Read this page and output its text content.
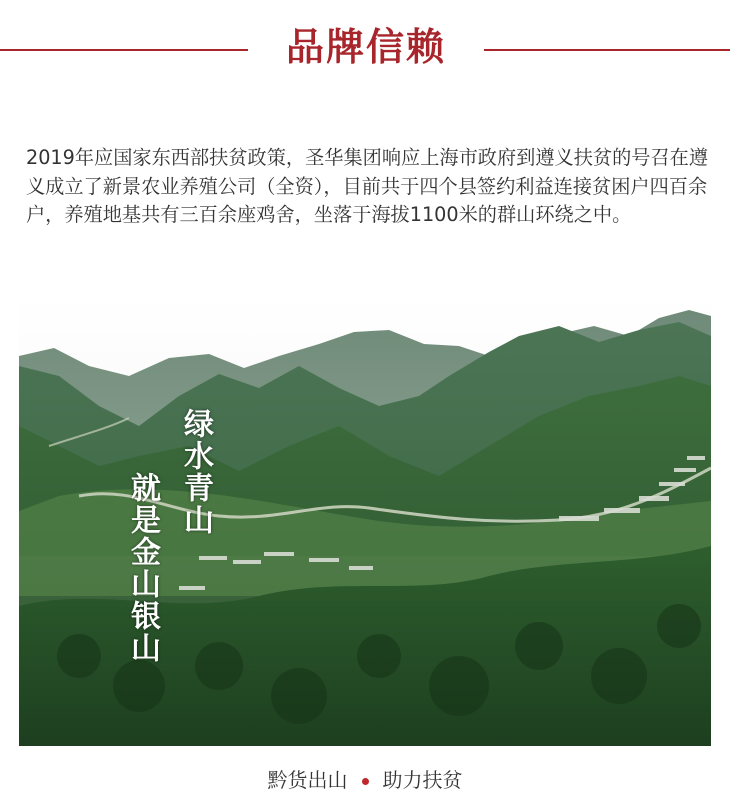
品牌信赖

2019年应国家东西部扶贫政策，圣华集团响应上海市政府到遵义扶贫的号召在遵义成立了新景农业养殖公司（全资），目前共于四个县签约利益连接贫困户四百余户，养殖地基共有三百余座鸡舍，坐落于海拔1100米的群山环绕之中。

绿水青山
就是金山银山
黔货出山 助力扶贫
